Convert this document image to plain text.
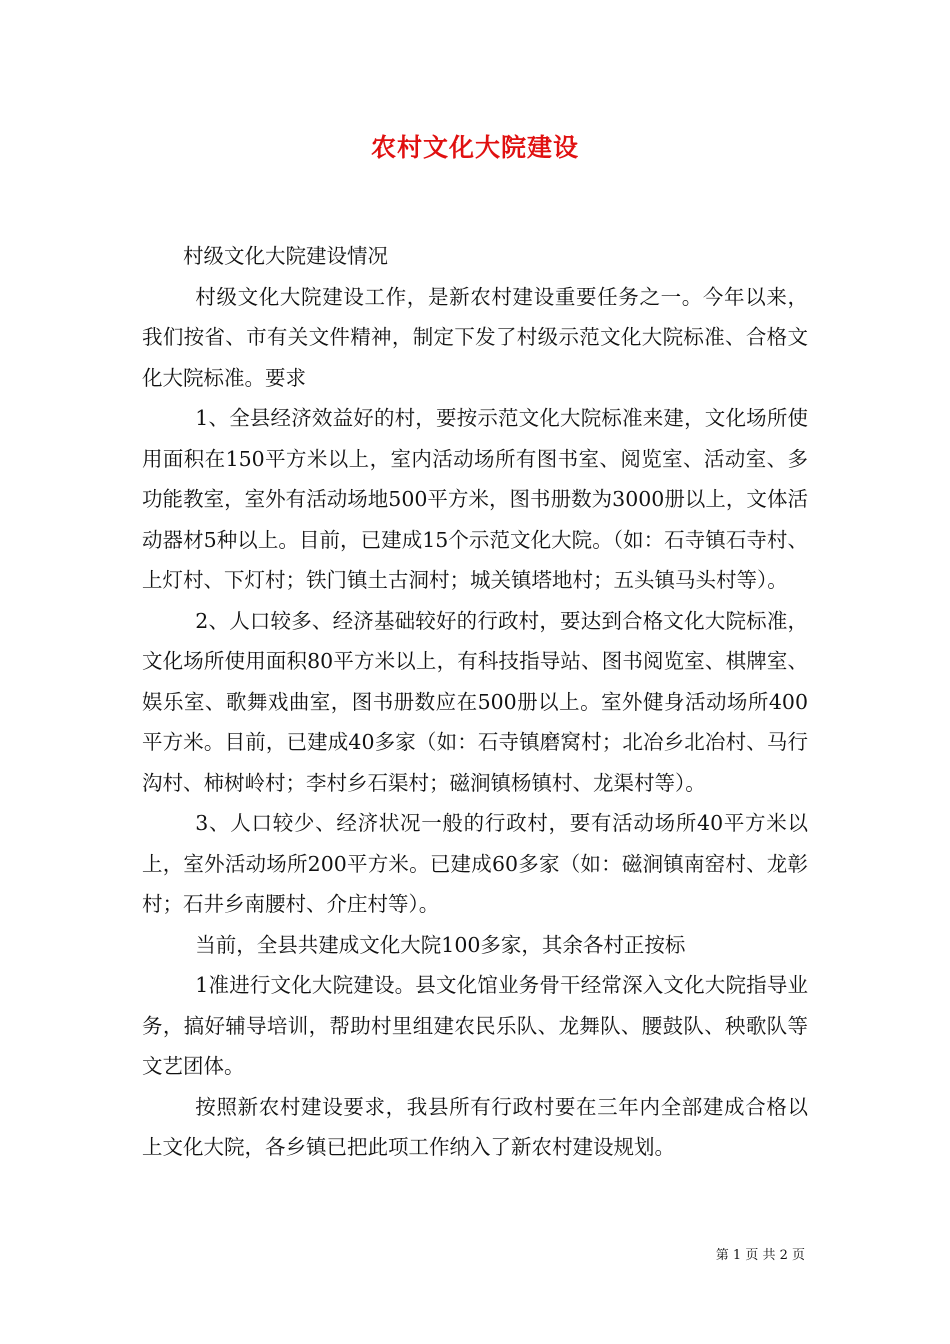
农村文化大院建设

村级文化大院建设情况

村级文化大院建设工作，是新农村建设重要任务之一。今年以来，我们按省、市有关文件精神，制定下发了村级示范文化大院标准、合格文化大院标准。要求

1、全县经济效益好的村，要按示范文化大院标准来建，文化场所使用面积在150平方米以上，室内活动场所有图书室、阅览室、活动室、多功能教室，室外有活动场地500平方米，图书册数为3000册以上，文体活动器材5种以上。目前，已建成15个示范文化大院。（如：石寺镇石寺村、上灯村、下灯村；铁门镇土古洞村；城关镇塔地村；五头镇马头村等）。

2、人口较多、经济基础较好的行政村，要达到合格文化大院标准，文化场所使用面积80平方米以上，有科技指导站、图书阅览室、棋牌室、娱乐室、歌舞戏曲室，图书册数应在500册以上。室外健身活动场所400平方米。目前，已建成40多家（如：石寺镇磨窝村；北冶乡北冶村、马行沟村、柿树岭村；李村乡石渠村；磁涧镇杨镇村、龙渠村等）。

3、人口较少、经济状况一般的行政村，要有活动场所40平方米以上，室外活动场所200平方米。已建成60多家（如：磁涧镇南窑村、龙彰村；石井乡南腰村、介庄村等）。

当前，全县共建成文化大院100多家，其余各村正按标

1准进行文化大院建设。县文化馆业务骨干经常深入文化大院指导业务，搞好辅导培训，帮助村里组建农民乐队、龙舞队、腰鼓队、秧歌队等文艺团体。

按照新农村建设要求，我县所有行政村要在三年内全部建成合格以上文化大院，各乡镇已把此项工作纳入了新农村建设规划。

第 1 页 共 2 页
